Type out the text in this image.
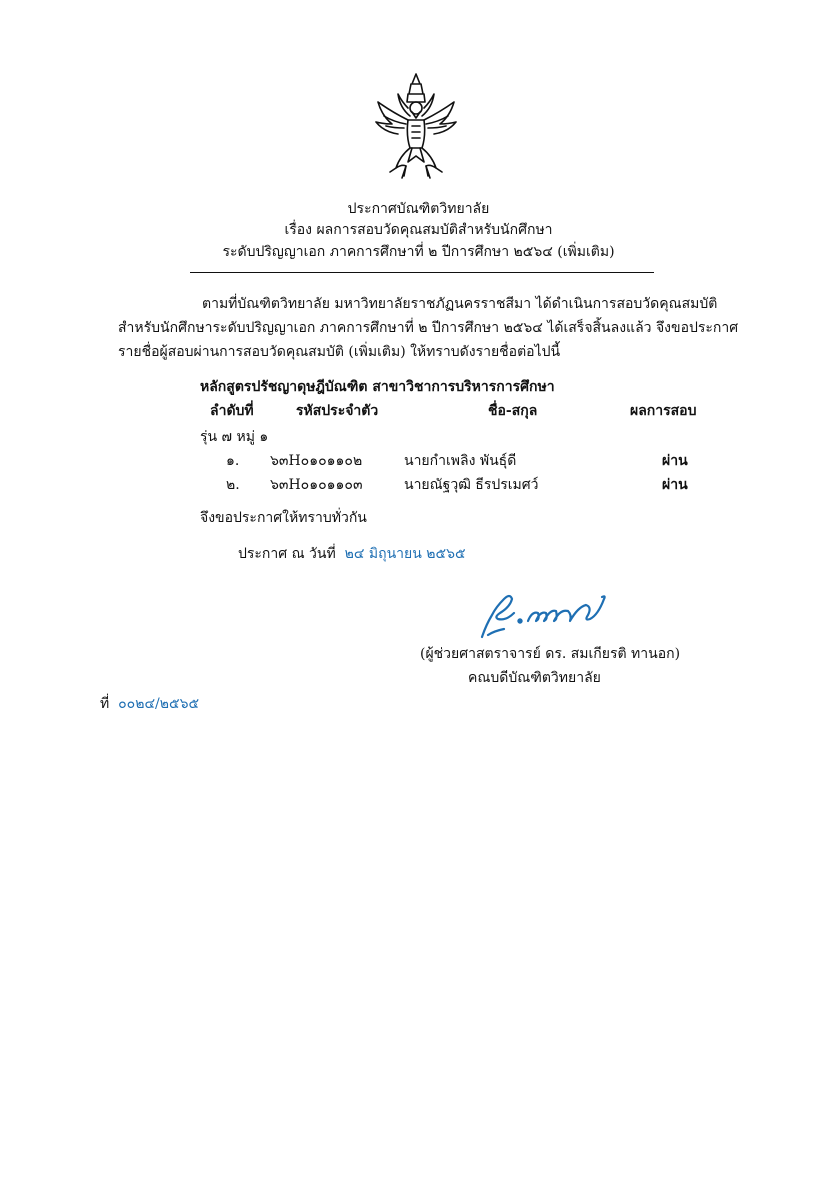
ประกาศบัณฑิตวิทยาลัย
เรื่อง ผลการสอบวัดคุณสมบัติสำหรับนักศึกษา
ระดับปริญญาเอก ภาคการศึกษาที่ ๒ ปีการศึกษา ๒๕๖๔ (เพิ่มเติม)
ตามที่บัณฑิตวิทยาลัย มหาวิทยาลัยราชภัฏนครราชสีมา ได้ดำเนินการสอบวัดคุณสมบัติ
สำหรับนักศึกษาระดับปริญญาเอก ภาคการศึกษาที่ ๒ ปีการศึกษา ๒๕๖๔ ได้เสร็จสิ้นลงแล้ว จึงขอประกาศ
รายชื่อผู้สอบผ่านการสอบวัดคุณสมบัติ (เพิ่มเติม) ให้ทราบดังรายชื่อต่อไปนี้
หลักสูตรปรัชญาดุษฎีบัณฑิต สาขาวิชาการบริหารการศึกษา
ลำดับที่	รหัสประจำตัว	ชื่อ-สกุล	ผลการสอบ
รุ่น ๗ หมู่ ๑
๑. ๖๓H๐๑๐๑๑๐๒	นายกำเพลิง พันธุ์ดี	ผ่าน
๒. ๖๓H๐๑๐๑๑๐๓	นายณัฐวุฒิ ธีรปรเมศว์	ผ่าน
จึงขอประกาศให้ทราบทั่วกัน
ประกาศ ณ วันที่ ๒๔ มิถุนายน ๒๕๖๕
(ผู้ช่วยศาสตราจารย์ ดร. สมเกียรติ ทานอก)
คณบดีบัณฑิตวิทยาลัย
ที่ ๐๐๒๔/๒๕๖๕
